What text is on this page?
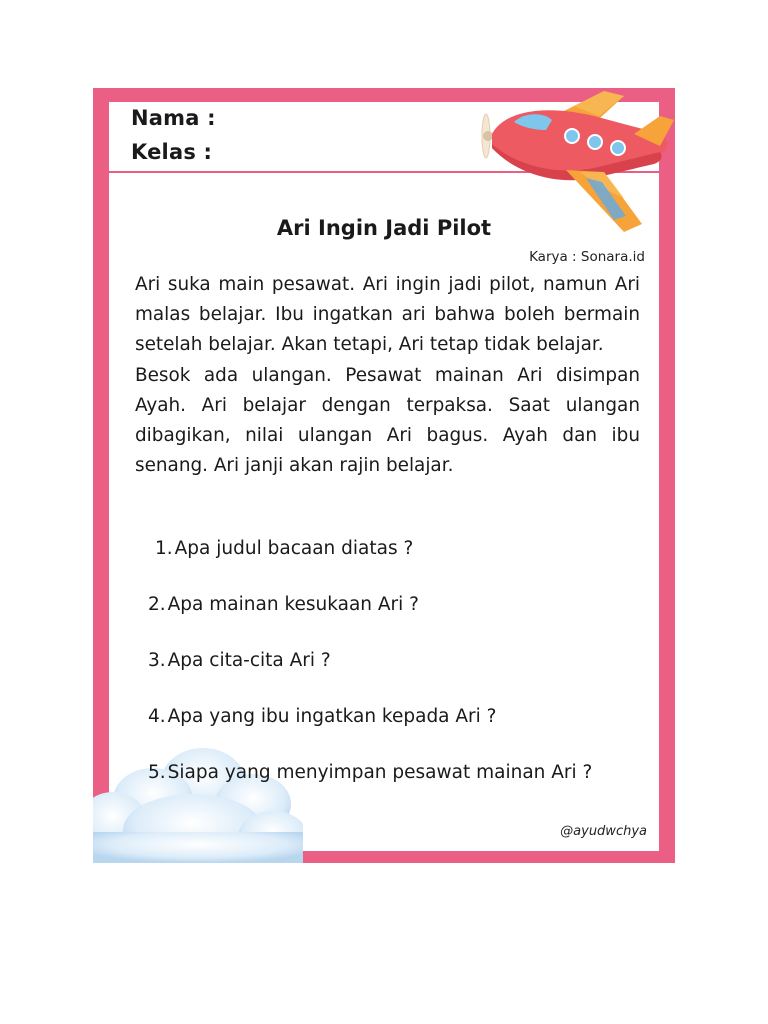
Nama :
Kelas :
Ari Ingin Jadi Pilot
Karya : Sonara.id

Ari suka main pesawat. Ari ingin jadi pilot, namun Ari malas belajar. Ibu ingatkan ari bahwa boleh bermain setelah belajar. Akan tetapi, Ari tetap tidak belajar.

Besok ada ulangan. Pesawat mainan Ari disimpan Ayah. Ari belajar dengan terpaksa. Saat ulangan dibagikan, nilai ulangan Ari bagus. Ayah dan ibu senang. Ari janji akan rajin belajar.

1. Apa judul bacaan diatas ?
2. Apa mainan kesukaan Ari ?
3. Apa cita-cita Ari ?
4. Apa yang ibu ingatkan kepada Ari ?
5. Siapa yang menyimpan pesawat mainan Ari ?
@ayudwchya
